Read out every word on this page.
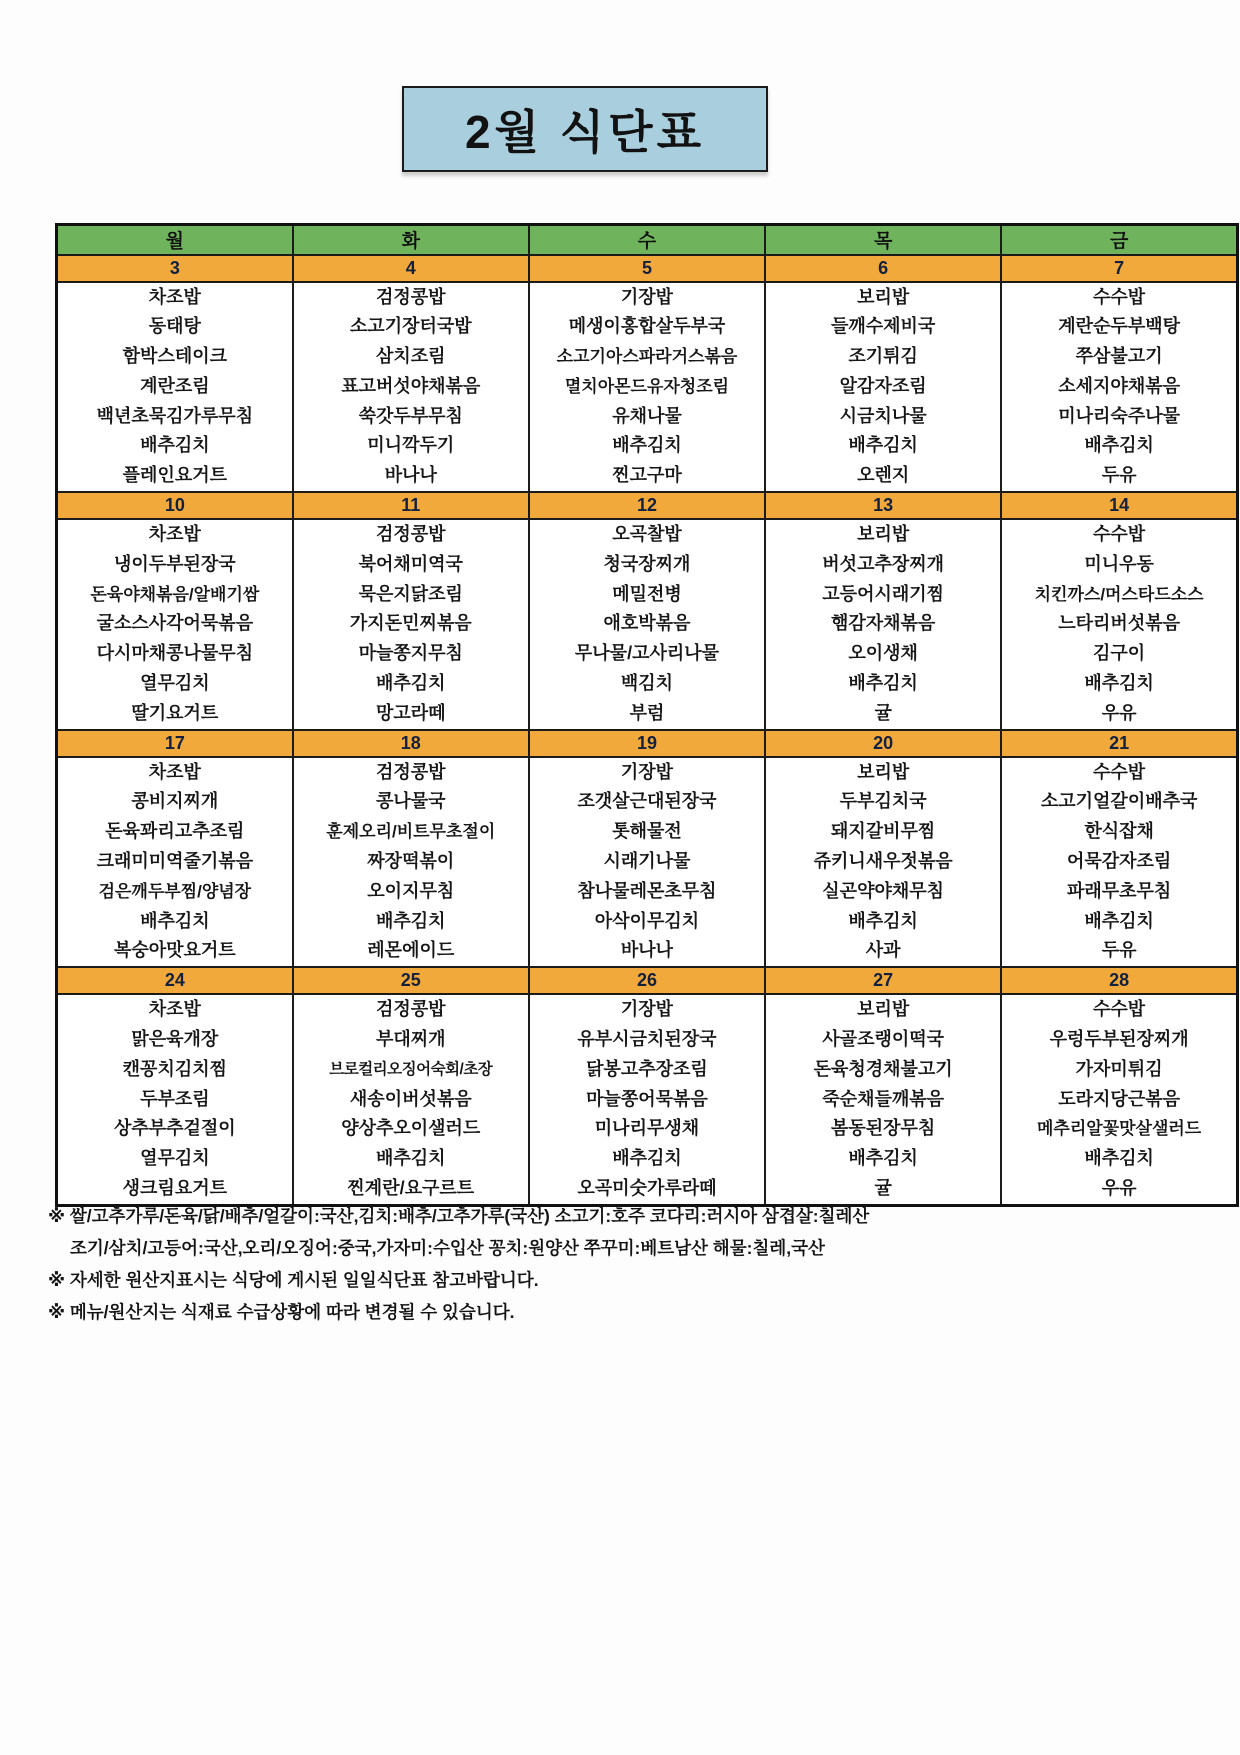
2월 식단표
월	화	수	목	금
3	4	5	6	7

차조밥
동태탕
함박스테이크
계란조림
백년초묵김가루무침
배추김치
플레인요거트

검정콩밥
소고기장터국밥
삼치조림
표고버섯야채볶음
쑥갓두부무침
미니깍두기
바나나

기장밥
메생이홍합살두부국
소고기아스파라거스볶음
멸치아몬드유자청조림
유채나물
배추김치
찐고구마

보리밥
들깨수제비국
조기튀김
알감자조림
시금치나물
배추김치
오렌지

수수밥
계란순두부백탕
쭈삼불고기
소세지야채볶음
미나리숙주나물
배추김치
두유

10	11	12	13	14

차조밥
냉이두부된장국
돈육야채볶음/알배기쌈
굴소스사각어묵볶음
다시마채콩나물무침
열무김치
딸기요거트

검정콩밥
북어채미역국
묵은지닭조림
가지돈민찌볶음
마늘쫑지무침
배추김치
망고라떼

오곡찰밥
청국장찌개
메밀전병
애호박볶음
무나물/고사리나물
백김치
부럼

보리밥
버섯고추장찌개
고등어시래기찜
햄감자채볶음
오이생채
배추김치
귤

수수밥
미니우동
치킨까스/머스타드소스
느타리버섯볶음
김구이
배추김치
우유

17	18	19	20	21

차조밥
콩비지찌개
돈육꽈리고추조림
크래미미역줄기볶음
검은깨두부찜/양념장
배추김치
복숭아맛요거트

검정콩밥
콩나물국
훈제오리/비트무초절이
짜장떡볶이
오이지무침
배추김치
레몬에이드

기장밥
조갯살근대된장국
톳해물전
시래기나물
참나물레몬초무침
아삭이무김치
바나나

보리밥
두부김치국
돼지갈비무찜
쥬키니새우젓볶음
실곤약야채무침
배추김치
사과

수수밥
소고기얼갈이배추국
한식잡채
어묵감자조림
파래무초무침
배추김치
두유

24	25	26	27	28

차조밥
맑은육개장
캔꽁치김치찜
두부조림
상추부추겉절이
열무김치
생크림요거트

검정콩밥
부대찌개
브로컬리오징어숙회/초장
새송이버섯볶음
양상추오이샐러드
배추김치
찐계란/요구르트

기장밥
유부시금치된장국
닭봉고추장조림
마늘쫑어묵볶음
미나리무생채
배추김치
오곡미숫가루라떼

보리밥
사골조랭이떡국
돈육청경채불고기
죽순채들깨볶음
봄동된장무침
배추김치
귤

수수밥
우렁두부된장찌개
가자미튀김
도라지당근볶음
메추리알꽃맛살샐러드
배추김치
우유
※ 쌀/고추가루/돈육/닭/배추/얼갈이:국산,김치:배추/고추가루(국산) 소고기:호주 코다리:러시아 삼겹살:칠레산
조기/삼치/고등어:국산,오리/오징어:중국,가자미:수입산 꽁치:원양산 쭈꾸미:베트남산 해물:칠레,국산
※ 자세한 원산지표시는 식당에 게시된 일일식단표 참고바랍니다.
※ 메뉴/원산지는 식재료 수급상황에 따라 변경될 수 있습니다.
